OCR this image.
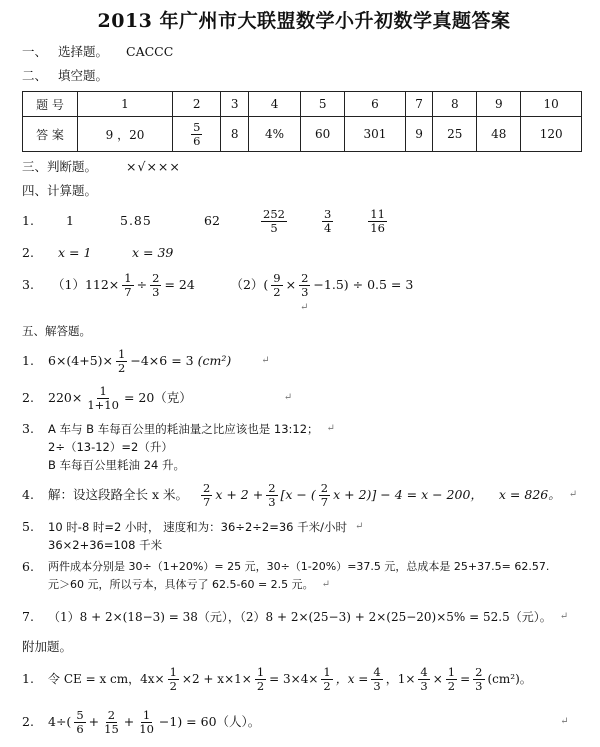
2013 年广州市大联盟数学小升初数学真题答案
一、 选择题。	CACCC
二、 填空题。
题 号	1	2	3	4	5	6	7	8	9	10
答 案	9 ，20	$\frac{5}{6}$	8	4%	60	301	9	25	48	120
三、判断题。	×√×××
四、计算题。
1.	1	5.85	62	$\frac{252}{5}$	$\frac{3}{4}$	$\frac{11}{16}$
2.	x = 1	x = 39
3.	（1） $112\times \frac{1}{7} \div \frac{2}{3} = 24$	（2） ( $\frac{9}{2} \times \frac{2}{3} -1.5) \div 0.5 = 3$
↵
五、解答题。
1.	$6\times(4+5)\times \frac{1}{2} -4\times 6 = 3$ (cm²)	↵
2.	$220\times \frac{1}{1+10} = 20$（克）	↵
3.	A 车与 B 车每百公里的耗油量之比应该也是 13:12； ↵
2÷（13-12）=2（升）
B 车每百公里耗油 24 升。
4.	解：设这段路全长 x 米。 $\frac{2}{7}$ $x + 2 + \frac{2}{3} [x$ − ( $\frac{2}{7}$ x + 2)] − 4 = x − 200， x = 826。 ↵
5.	10 时-8 时=2 小时， 速度和为：36÷2÷2=36 千米/小时 ↵
36×2+36=108 千米
6.	两件成本分别是 30÷（1+20%）= 25 元，30÷（1-20%）=37.5 元，总成本是 25+37.5= 62.57.
元＞60 元，所以亏本，具体亏了 62.5-60 = 2.5 元。 ↵
7.	（1）8 + 2×(18−3) = 38（元），（2）8 + 2×(25−3) + 2×(25−20)×5% = 52.5（元）。 ↵
附加题。
1.	令 CE = x cm，$4x\times \frac{1}{2} \times 2 + x\times 1\times \frac{1}{2} = 3\times 4\times \frac{1}{2}$ ，$x = \frac{4}{3}$ ，$1\times \frac{4}{3} \times \frac{1}{2} = \frac{2}{3} (cm^2)$。
2.	$4\div( \frac{5}{6} + \frac{2}{15} + \frac{1}{10} -1) = 60$（人）。	↵
